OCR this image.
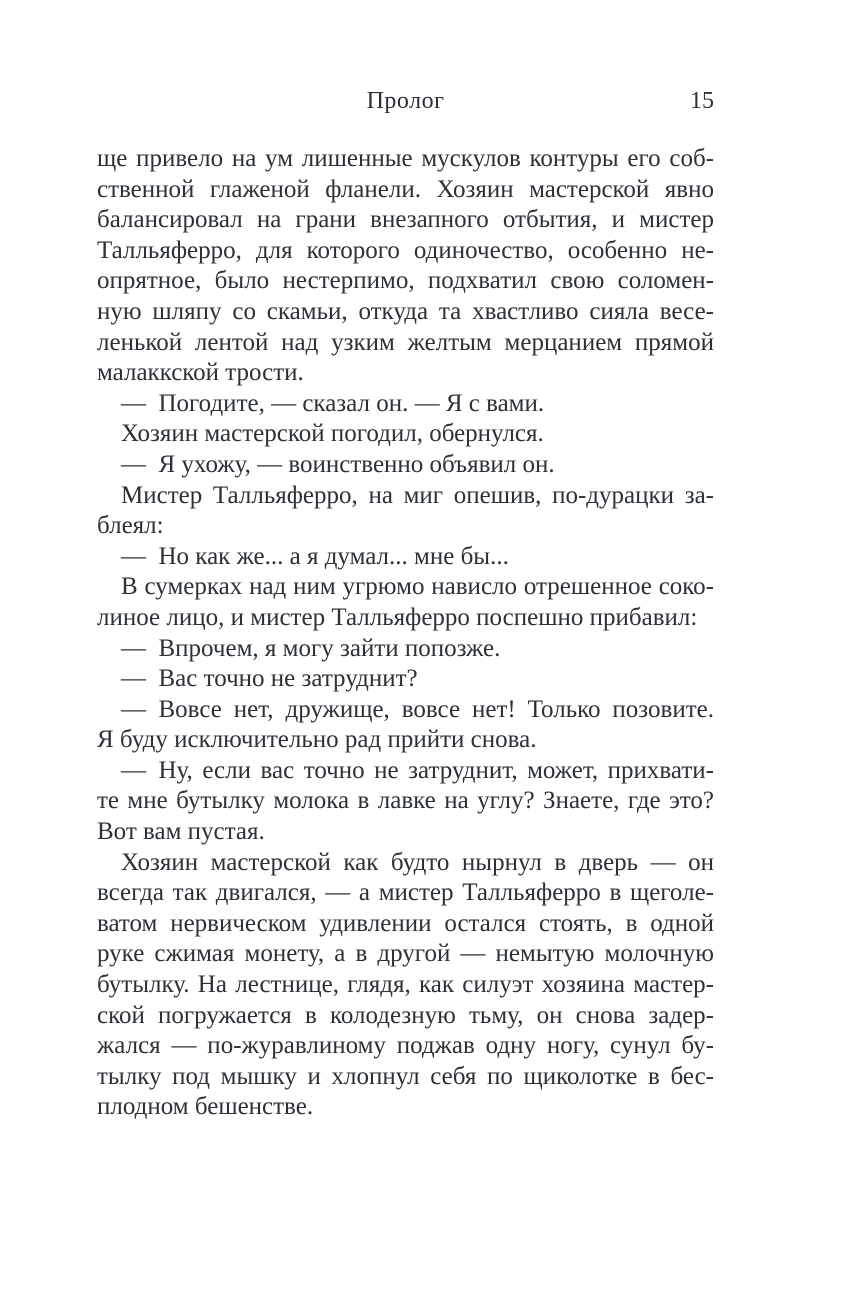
Пролог	15
ще привело на ум лишенные мускулов контуры его соб-
ственной глаженой фланели. Хозяин мастерской явно
балансировал на грани внезапного отбытия, и мистер
Талльяферро, для которого одиночество, особенно не-
опрятное, было нестерпимо, подхватил свою соломен-
ную шляпу со скамьи, откуда та хвастливо сияла весе-
ленькой лентой над узким желтым мерцанием прямой
малаккской трости.
— Погодите, — сказал он. — Я с вами.
Хозяин мастерской погодил, обернулся.
— Я ухожу, — воинственно объявил он.
Мистер Талльяферро, на миг опешив, по-дурацки за-
блеял:
— Но как же... а я думал... мне бы...
В сумерках над ним угрюмо нависло отрешенное соко-
линое лицо, и мистер Талльяферро поспешно прибавил:
— Впрочем, я могу зайти попозже.
— Вас точно не затруднит?
— Вовсе нет, дружище, вовсе нет! Только позовите.
Я буду исключительно рад прийти снова.
— Ну, если вас точно не затруднит, может, прихвати-
те мне бутылку молока в лавке на углу? Знаете, где это?
Вот вам пустая.
Хозяин мастерской как будто нырнул в дверь — он
всегда так двигался, — а мистер Талльяферро в щеголе-
ватом нервическом удивлении остался стоять, в одной
руке сжимая монету, а в другой — немытую молочную
бутылку. На лестнице, глядя, как силуэт хозяина мастер-
ской погружается в колодезную тьму, он снова задер-
жался — по-журавлиному поджав одну ногу, сунул бу-
тылку под мышку и хлопнул себя по щиколотке в бес-
плодном бешенстве.
